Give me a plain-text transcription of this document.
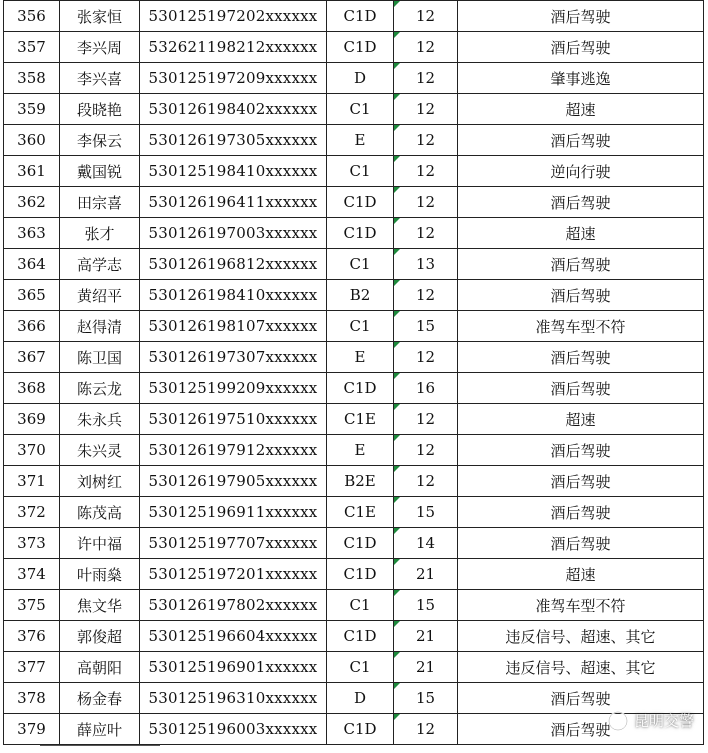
356	张家恒	530125197202xxxxxx	C1D	12	酒后驾驶
357	李兴周	532621198212xxxxxx	C1D	12	酒后驾驶
358	李兴喜	530125197209xxxxxx	D	12	肇事逃逸
359	段晓艳	530126198402xxxxxx	C1	12	超速
360	李保云	530126197305xxxxxx	E	12	酒后驾驶
361	戴国锐	530125198410xxxxxx	C1	12	逆向行驶
362	田宗喜	530126196411xxxxxx	C1D	12	酒后驾驶
363	张才	530126197003xxxxxx	C1D	12	超速
364	高学志	530126196812xxxxxx	C1	13	酒后驾驶
365	黄绍平	530126198410xxxxxx	B2	12	酒后驾驶
366	赵得清	530126198107xxxxxx	C1	15	准驾车型不符
367	陈卫国	530126197307xxxxxx	E	12	酒后驾驶
368	陈云龙	530125199209xxxxxx	C1D	16	酒后驾驶
369	朱永兵	530126197510xxxxxx	C1E	12	超速
370	朱兴灵	530126197912xxxxxx	E	12	酒后驾驶
371	刘树红	530126197905xxxxxx	B2E	12	酒后驾驶
372	陈茂高	530125196911xxxxxx	C1E	15	酒后驾驶
373	许中福	530125197707xxxxxx	C1D	14	酒后驾驶
374	叶雨燊	530125197201xxxxxx	C1D	21	超速
375	焦文华	530126197802xxxxxx	C1	15	准驾车型不符
376	郭俊超	530125196604xxxxxx	C1D	21	违反信号、超速、其它
377	高朝阳	530125196901xxxxxx	C1	21	违反信号、超速、其它
378	杨金春	530125196310xxxxxx	D	15	酒后驾驶
379	薛应叶	530125196003xxxxxx	C1D	12	酒后驾驶 昆明交警
